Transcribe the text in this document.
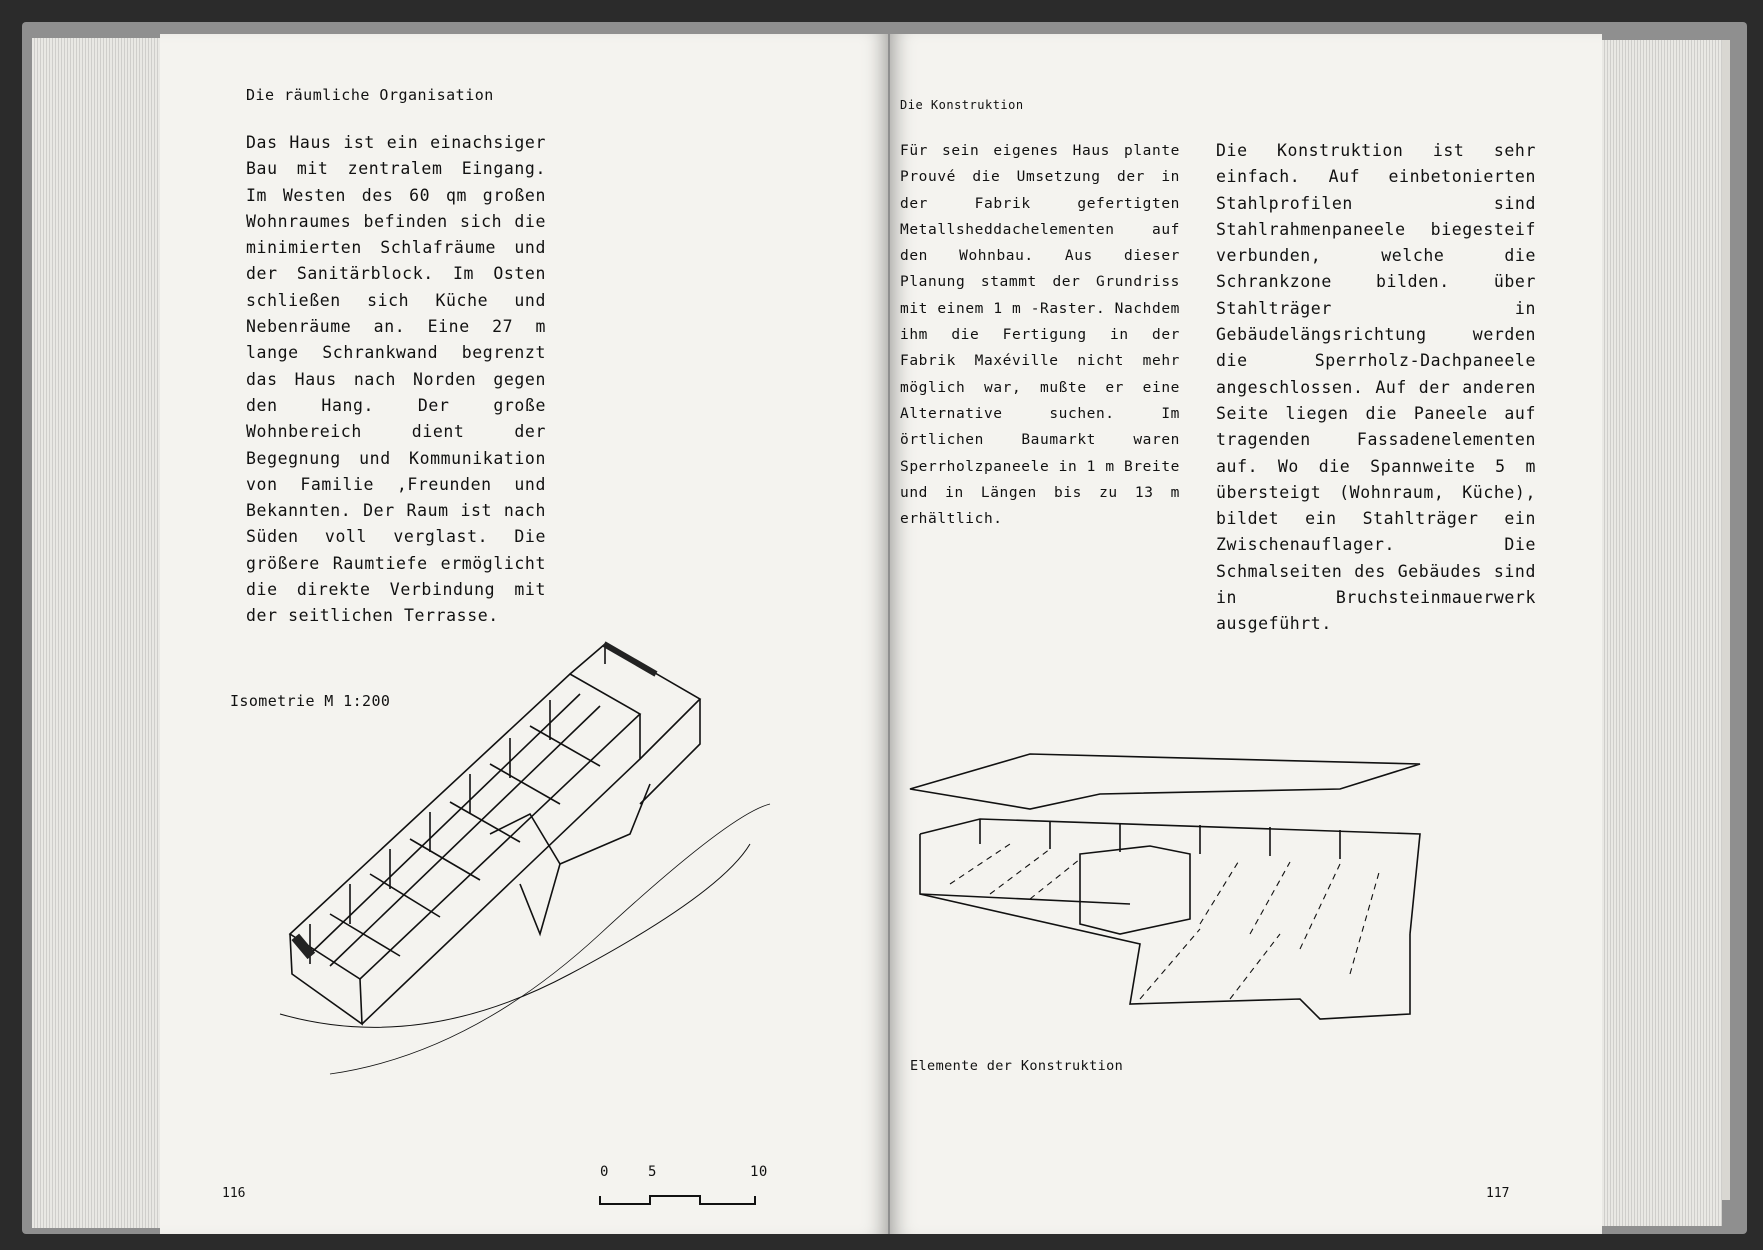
Die räumliche Organisation
Das Haus ist ein einachsiger Bau mit zentralem Eingang. Im Westen des 60 qm großen Wohnraumes befinden sich die minimierten Schlafräume und der Sanitärblock. Im Osten schließen sich Küche und Nebenräume an. Eine 27 m lange Schrankwand begrenzt das Haus nach Norden gegen den Hang. Der große Wohnbereich dient der Begegnung und Kommunikation von Familie ,Freunden und Bekannten. Der Raum ist nach Süden voll verglast. Die größere Raumtiefe ermöglicht die direkte Verbindung mit der seitlichen Terrasse.
Isometrie M 1:200
0	5	10
116
Die Konstruktion
Für sein eigenes Haus plante Prouvé die Umsetzung der in der Fabrik gefertigten Metallsheddachelementen auf den Wohnbau. Aus dieser Planung stammt der Grundriss mit einem 1 m -Raster. Nachdem ihm die Fertigung in der Fabrik Maxéville nicht mehr möglich war, mußte er eine Alternative suchen. Im örtlichen Baumarkt waren Sperrholzpaneele in 1 m Breite und in Längen bis zu 13 m erhältlich.
Die Konstruktion ist sehr einfach. Auf einbetonierten Stahlprofilen sind Stahlrahmenpaneele biegesteif verbunden, welche die Schrankzone bilden. über Stahlträger in Gebäudelängsrichtung werden die Sperrholz-Dachpaneele angeschlossen. Auf der anderen Seite liegen die Paneele auf tragenden Fassadenelementen auf. Wo die Spannweite 5 m übersteigt (Wohnraum, Küche), bildet ein Stahlträger ein Zwischenauflager. Die Schmalseiten des Gebäudes sind in Bruchsteinmauerwerk ausgeführt.
Elemente der Konstruktion
117
